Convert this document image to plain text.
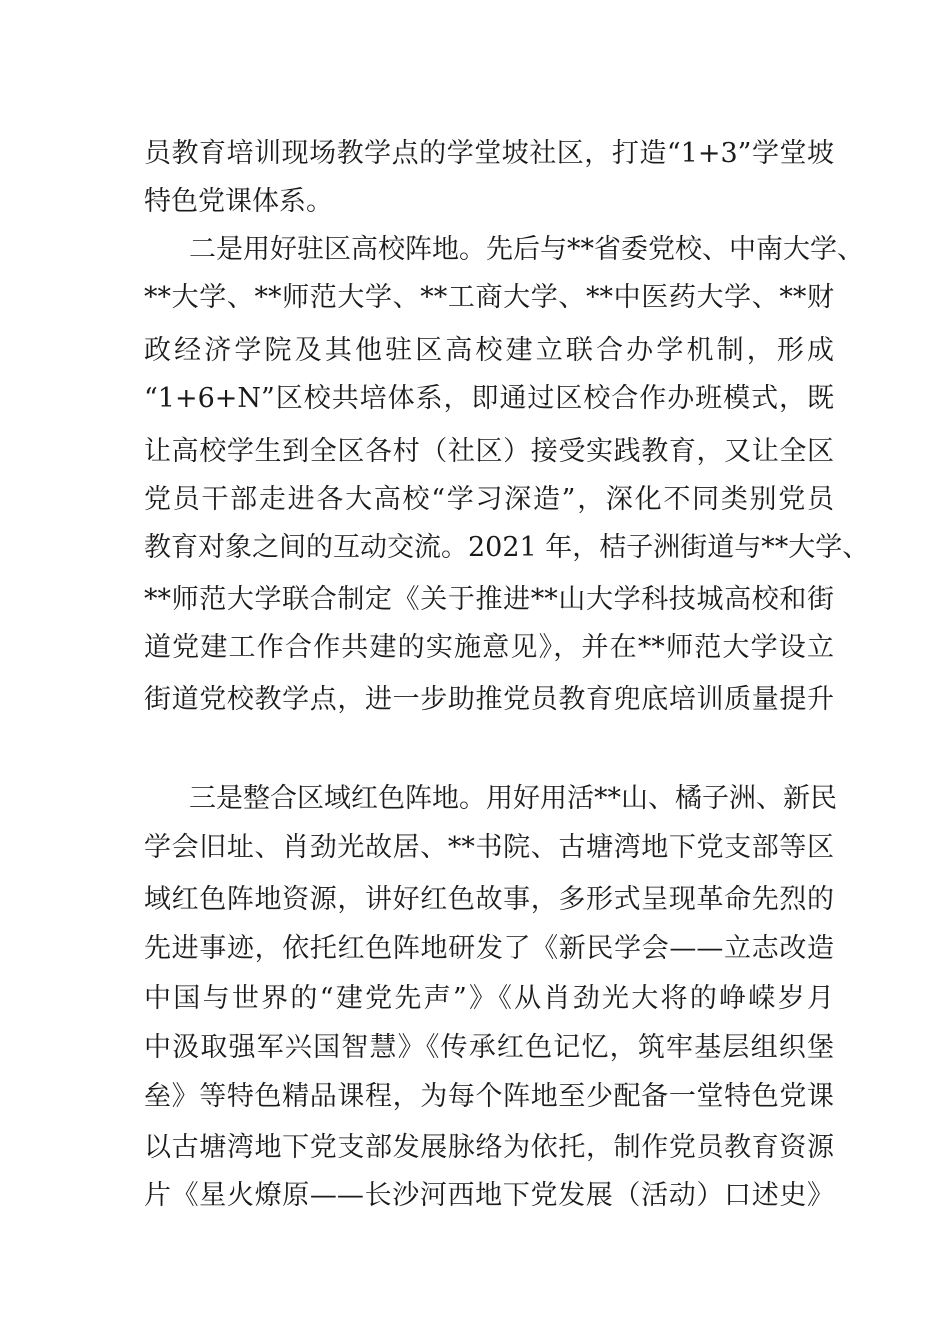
员教育培训现场教学点的学堂坡社区，打造“1+3”学堂坡
特色党课体系。
二是用好驻区高校阵地。先后与**省委党校、中南大学、
**大学、**师范大学、**工商大学、**中医药大学、**财
政经济学院及其他驻区高校建立联合办学机制，形成
“1+6+N”区校共培体系，即通过区校合作办班模式，既
让高校学生到全区各村（社区）接受实践教育，又让全区
党员干部走进各大高校“学习深造”，深化不同类别党员
教育对象之间的互动交流。2021 年，桔子洲街道与**大学、
**师范大学联合制定《关于推进**山大学科技城高校和街
道党建工作合作共建的实施意见》，并在**师范大学设立
街道党校教学点，进一步助推党员教育兜底培训质量提升
三是整合区域红色阵地。用好用活**山、橘子洲、新民
学会旧址、肖劲光故居、**书院、古塘湾地下党支部等区
域红色阵地资源，讲好红色故事，多形式呈现革命先烈的
先进事迹，依托红色阵地研发了《新民学会——立志改造
中国与世界的“建党先声”》《从肖劲光大将的峥嵘岁月
中汲取强军兴国智慧》《传承红色记忆，筑牢基层组织堡
垒》等特色精品课程，为每个阵地至少配备一堂特色党课
以古塘湾地下党支部发展脉络为依托，制作党员教育资源
片《星火燎原——长沙河西地下党发展（活动）口述史》
